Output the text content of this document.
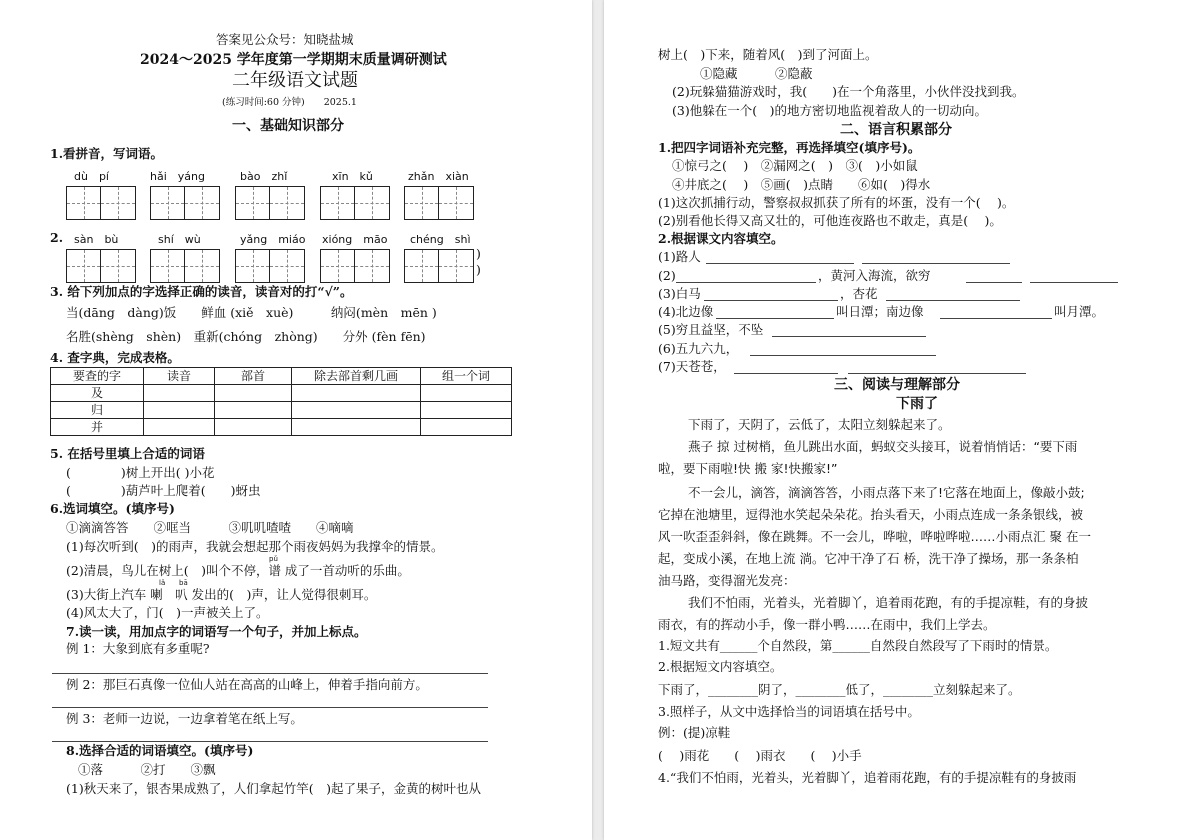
答案见公众号：知晓盐城
2024～2025 学年度第一学期期末质量调研测试
二年级语文试题
(练习时间:60 分钟)　　2025.1
一、基础知识部分
1.看拼音，写词语。
dù　pí	hǎi　yáng	bào　zhǐ	xīn　kǔ	zhǎn　xiàn
2. sàn　bù	shí　wù	yǎng　miáo xióng　māo chéng　shì
)
)
3. 给下列加点的字选择正确的读音，读音对的打“√”。
当(dāng　dàng)饭　　鲜血 (xiě　xuè)　　　纳闷(mèn　mēn )
名胜(shèng　shèn)　重新(chóng　zhòng)　　分外 (fèn fēn)
4. 查字典，完成表格。
要查的字	读音	部首	除去部首剩几画	组一个词
及				
归				
并				
5. 在括号里填上合适的词语
(　　　　)树上开出( )小花
(　　　　)葫芦叶上爬着(　　)蚜虫
6.选词填空。(填序号)
①滴滴答答　　②哐当　　　③叽叽喳喳　　④嘀嘀
(1)每次听到(　)的雨声，我就会想起那个雨夜妈妈为我撑伞的情景。
pǔ
(2)清晨，鸟儿在树上(　)叫个不停，谱 成了一首动听的乐曲。
lǎ bā
(3)大街上汽车 喇　叭 发出的(　)声，让人觉得很刺耳。
(4)风太大了，门(　)一声被关上了。
7.读一读，用加点字的词语写一个句子，并加上标点。
例 1：大象到底有多重呢?
例 2：那巨石真像一位仙人站在高高的山峰上，伸着手指向前方。
例 3：老师一边说，一边拿着笔在纸上写。
8.选择合适的词语填空。(填序号)
①落　　　②打　　③飘
(1)秋天来了，银杏果成熟了，人们拿起竹竿(　)起了果子，金黄的树叶也从
树上(　)下来，随着风(　)到了河面上。
①隐藏　　　②隐蔽
(2)玩躲猫猫游戏时，我(　　)在一个角落里，小伙伴没找到我。
(3)他躲在一个(　)的地方密切地监视着敌人的一切动向。
二、语言积累部分
1.把四字词语补充完整，再选择填空(填序号)。
①惊弓之(　 )　②漏网之(　)　③(　)小如鼠
④井底之(　 )　⑤画(　)点睛　　⑥如(　)得水
(1)这次抓捕行动，警察叔叔抓获了所有的坏蛋，没有一个(　 )。
(2)别看他长得又高又壮的，可他连夜路也不敢走，真是(　 )。
2.根据课文内容填空。
(1)路人
(2)	，黄河入海流，欲穷
(3)白马	，杏花
(4)北边像	叫日潭；南边像	叫月潭。
(5)穷且益坚，不坠
(6)五九六九，
(7)天苍苍，
三、阅读与理解部分
下雨了
下雨了，天阴了，云低了，太阳立刻躲起来了。
燕子 掠 过树梢，鱼儿跳出水面，蚂蚁交头接耳，说着悄悄话：“要下雨
啦，要下雨啦!快 搬 家!快搬家!”
不一会儿，滴答，滴滴答答，小雨点落下来了!它落在地面上，像敲小鼓;
它掉在池塘里，逗得池水笑起朵朵花。抬头看天，小雨点连成一条条银线，被
风一吹歪歪斜斜，像在跳舞。不一会儿，哗啦，哗啦哗啦……小雨点汇 聚 在一
起，变成小溪，在地上流 淌。它冲干净了石 桥，洗干净了操场，那一条条柏
油马路，变得溜光发亮：
我们不怕雨，光着头，光着脚丫，追着雨花跑，有的手提凉鞋，有的身披
雨衣，有的挥动小手，像一群小鸭……在雨中，我们上学去。
1.短文共有______个自然段，第______自然段自然段写了下雨时的情景。
2.根据短文内容填空。
下雨了，________阴了，________低了，________立刻躲起来了。
3.照样子，从文中选择恰当的词语填在括号中。
例：(提)凉鞋
(　 )雨花　　(　 )雨衣　　(　 )小手
4.“我们不怕雨，光着头，光着脚丫，追着雨花跑，有的手提凉鞋有的身披雨
